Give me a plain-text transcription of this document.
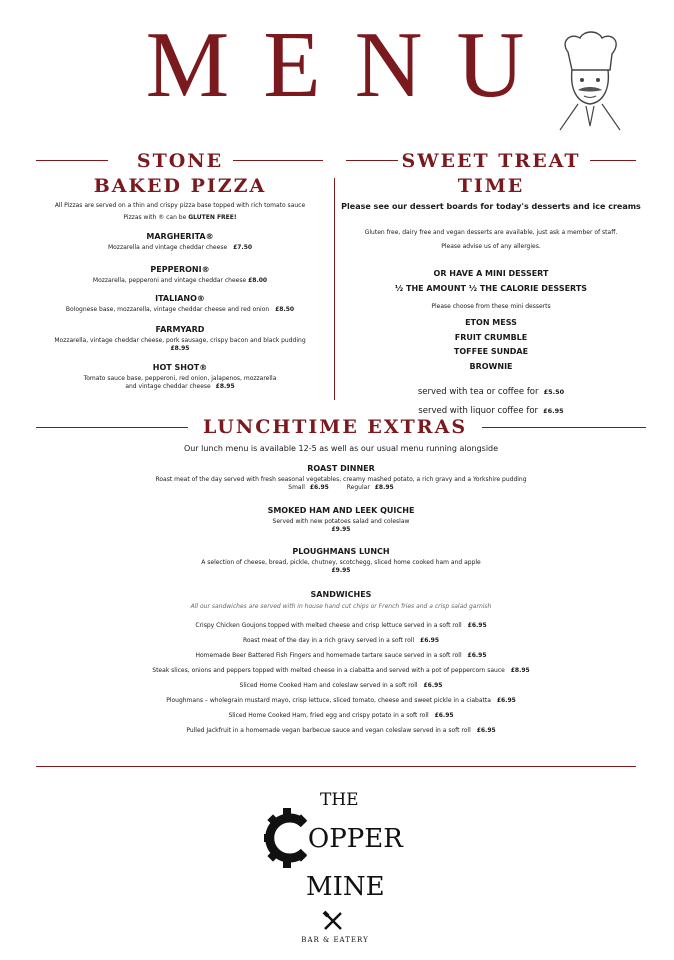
MENU
STONE
BAKED PIZZA
All Pizzas are served on a thin and crispy pizza base topped with rich tomato sauce
Pizzas with ® can be GLUTEN FREE!
MARGHERITA®
Mozzarella and vintage cheddar cheese £7.50
PEPPERONI®
Mozzarella, pepperoni and vintage cheddar cheese £8.00
ITALIANO®
Bolognese base, mozzarella, vintage cheddar cheese and red onion £8.50
FARMYARD
Mozzarella, vintage cheddar cheese, pork sausage, crispy bacon and black pudding
£8.95
HOT SHOT®
Tomato sauce base, pepperoni, red onion, jalapenos, mozzarella
and vintage cheddar cheese £8.95
SWEET TREAT
TIME
Please see our dessert boards for today's desserts and ice creams
Gluten free, dairy free and vegan desserts are available, just ask a member of staff.
Please advise us of any allergies.
OR HAVE A MINI DESSERT
½ THE AMOUNT ½ THE CALORIE DESSERTS
Please choose from these mini desserts
ETON MESS
FRUIT CRUMBLE
TOFFEE SUNDAE
BROWNIE
served with tea or coffee for £5.50
served with liquor coffee for £6.95
LUNCHTIME EXTRAS
Our lunch menu is available 12-5 as well as our usual menu running alongside
ROAST DINNER
Roast meat of the day served with fresh seasonal vegetables, creamy mashed potato, a rich gravy and a Yorkshire pudding
Small £6.95	Regular £8.95
SMOKED HAM AND LEEK QUICHE
Served with new potatoes salad and coleslaw
£9.95
PLOUGHMANS LUNCH
A selection of cheese, bread, pickle, chutney, scotchegg, sliced home cooked ham and apple
£9.95
SANDWICHES
All our sandwiches are served with in house hand cut chips or French fries and a crisp salad garnish
Crispy Chicken Goujons topped with melted cheese and crisp lettuce served in a soft roll £6.95
Roast meat of the day in a rich gravy served in a soft roll £6.95
Homemade Beer Battered Fish Fingers and homemade tartare sauce served in a soft roll £6.95
Steak slices, onions and peppers topped with melted cheese in a ciabatta and served with a pot of peppercorn sauce £8.95
Sliced Home Cooked Ham and coleslaw served in a soft roll £6.95
Ploughmans – wholegrain mustard mayo, crisp lettuce, sliced tomato, cheese and sweet pickle in a ciabatta £6.95
Sliced Home Cooked Ham, fried egg and crispy potato in a soft roll £6.95
Pulled Jackfruit in a homemade vegan barbecue sauce and vegan coleslaw served in a soft roll £6.95
THE
OPPER
MINE
BAR & EATERY
